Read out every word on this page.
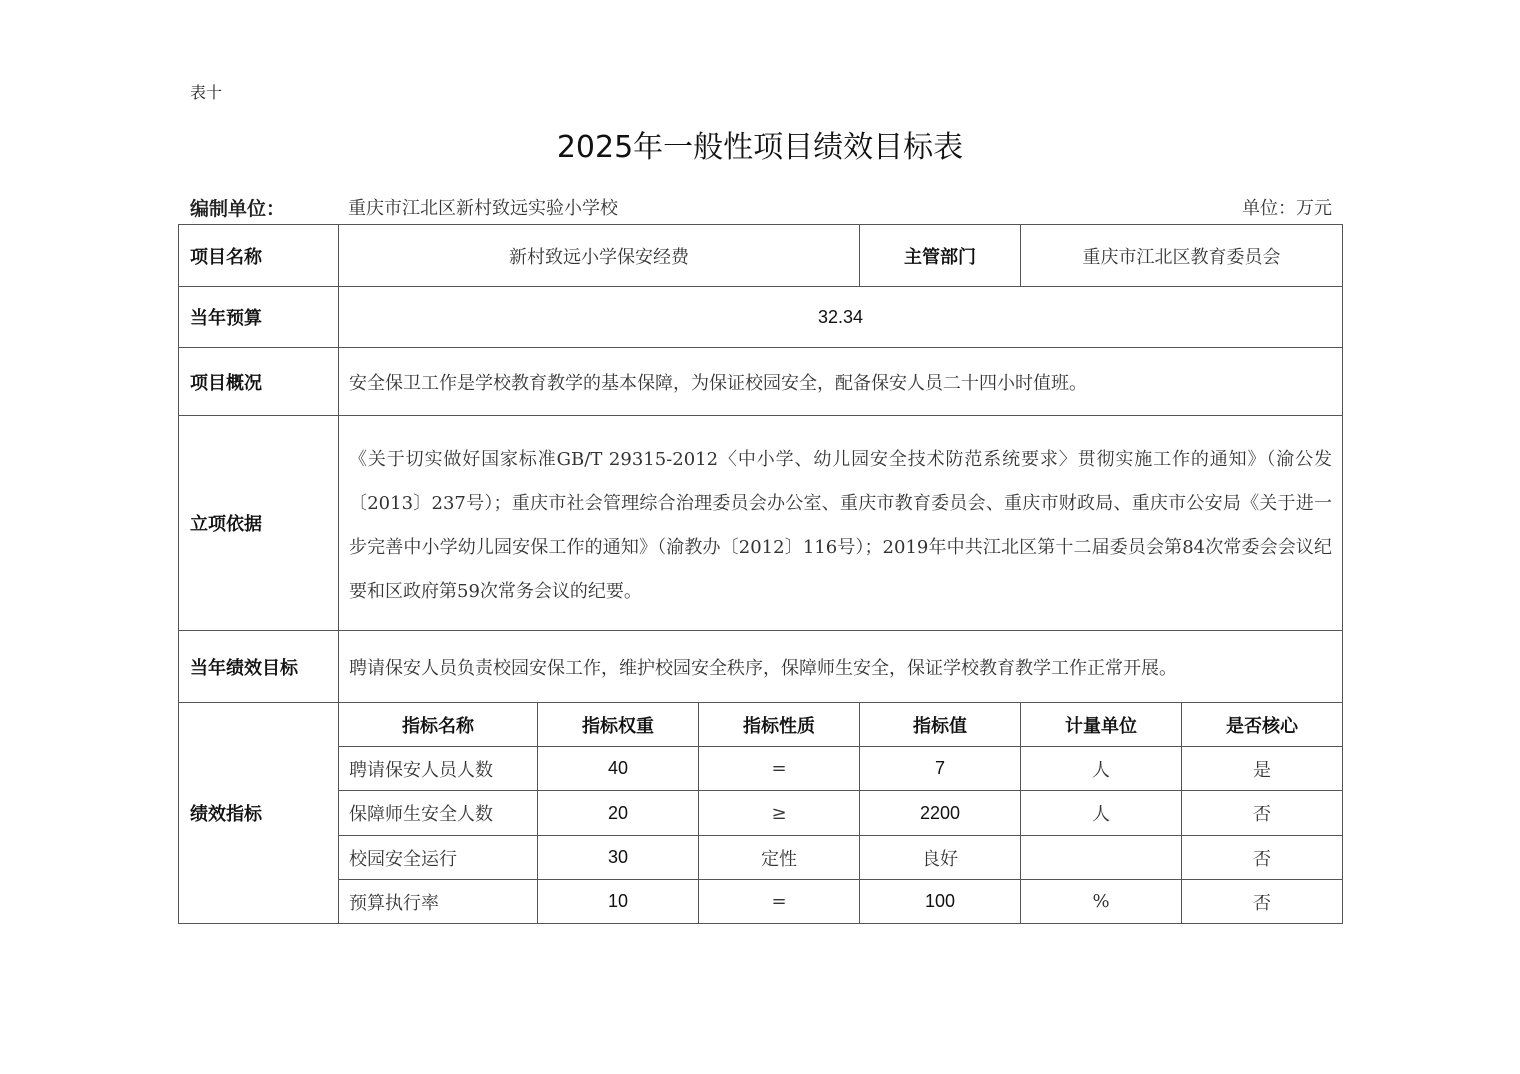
表十
2025年一般性项目绩效目标表
编制单位：	重庆市江北区新村致远实验小学校	单位：万元
项目名称	新村致远小学保安经费			主管部门	重庆市江北区教育委员会	
当年预算	32.34					
项目概况	安全保卫工作是学校教育教学的基本保障，为保证校园安全，配备保安人员二十四小时值班。					
立项依据	《关于切实做好国家标准GB/T 29315-2012〈中小学、幼儿园安全技术防范系统要求〉贯彻实施工作的通知》（渝公发〔2013〕237号）；重庆市社会管理综合治理委员会办公室、重庆市教育委员会、重庆市财政局、重庆市公安局《关于进一步完善中小学幼儿园安保工作的通知》（渝教办〔2012〕116号）；2019年中共江北区第十二届委员会第84次常委会会议纪要和区政府第59次常务会议的纪要。					
当年绩效目标	聘请保安人员负责校园安保工作，维护校园安全秩序，保障师生安全，保证学校教育教学工作正常开展。					
绩效指标	指标名称	指标权重	指标性质	指标值	计量单位	是否核心
	聘请保安人员人数	40	=	7	人	是
	保障师生安全人数	20	≥	2200	人	否
	校园安全运行	30	定性	良好		否
	预算执行率	10	=	100	%	否
